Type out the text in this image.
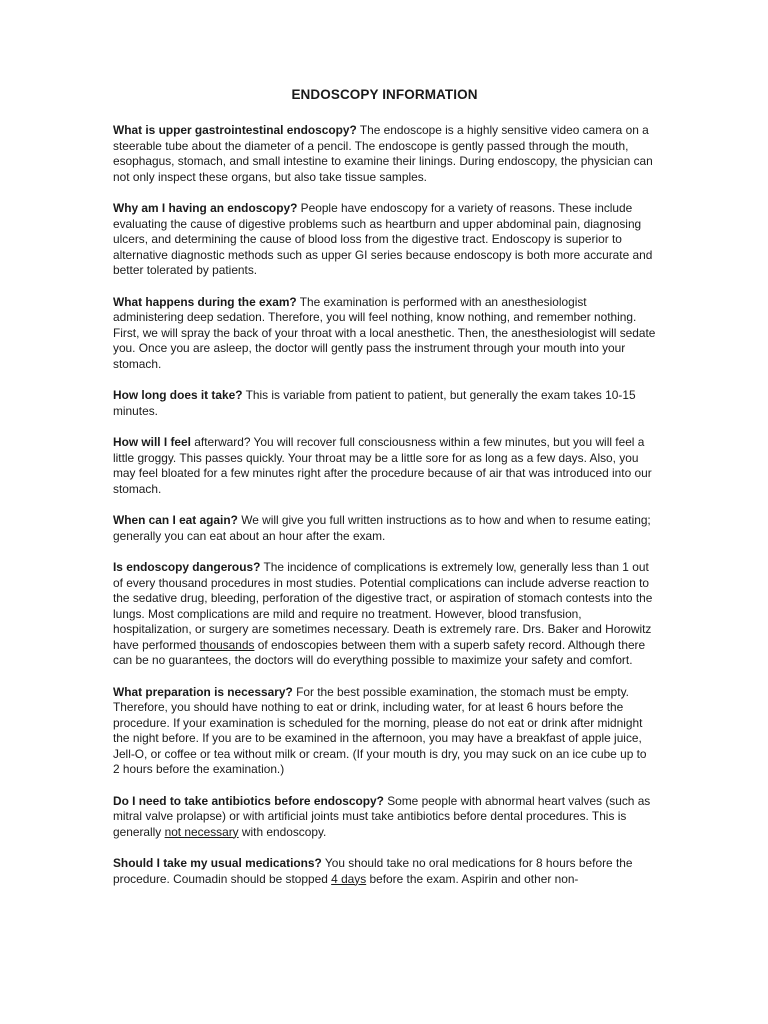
ENDOSCOPY INFORMATION

What is upper gastrointestinal endoscopy? The endoscope is a highly sensitive video camera on a steerable tube about the diameter of a pencil. The endoscope is gently passed through the mouth, esophagus, stomach, and small intestine to examine their linings. During endoscopy, the physician can not only inspect these organs, but also take tissue samples.

Why am I having an endoscopy? People have endoscopy for a variety of reasons. These include evaluating the cause of digestive problems such as heartburn and upper abdominal pain, diagnosing ulcers, and determining the cause of blood loss from the digestive tract. Endoscopy is superior to alternative diagnostic methods such as upper GI series because endoscopy is both more accurate and better tolerated by patients.

What happens during the exam? The examination is performed with an anesthesiologist administering deep sedation. Therefore, you will feel nothing, know nothing, and remember nothing. First, we will spray the back of your throat with a local anesthetic. Then, the anesthesiologist will sedate you. Once you are asleep, the doctor will gently pass the instrument through your mouth into your stomach.

How long does it take? This is variable from patient to patient, but generally the exam takes 10-15 minutes.

How will I feel afterward? You will recover full consciousness within a few minutes, but you will feel a little groggy. This passes quickly. Your throat may be a little sore for as long as a few days. Also, you may feel bloated for a few minutes right after the procedure because of air that was introduced into our stomach.

When can I eat again? We will give you full written instructions as to how and when to resume eating; generally you can eat about an hour after the exam.

Is endoscopy dangerous? The incidence of complications is extremely low, generally less than 1 out of every thousand procedures in most studies. Potential complications can include adverse reaction to the sedative drug, bleeding, perforation of the digestive tract, or aspiration of stomach contests into the lungs. Most complications are mild and require no treatment. However, blood transfusion, hospitalization, or surgery are sometimes necessary. Death is extremely rare. Drs. Baker and Horowitz have performed thousands of endoscopies between them with a superb safety record. Although there can be no guarantees, the doctors will do everything possible to maximize your safety and comfort.

What preparation is necessary? For the best possible examination, the stomach must be empty. Therefore, you should have nothing to eat or drink, including water, for at least 6 hours before the procedure. If your examination is scheduled for the morning, please do not eat or drink after midnight the night before. If you are to be examined in the afternoon, you may have a breakfast of apple juice, Jell-O, or coffee or tea without milk or cream. (If your mouth is dry, you may suck on an ice cube up to 2 hours before the examination.)

Do I need to take antibiotics before endoscopy? Some people with abnormal heart valves (such as mitral valve prolapse) or with artificial joints must take antibiotics before dental procedures. This is generally not necessary with endoscopy.

Should I take my usual medications? You should take no oral medications for 8 hours before the procedure. Coumadin should be stopped 4 days before the exam. Aspirin and other non-
